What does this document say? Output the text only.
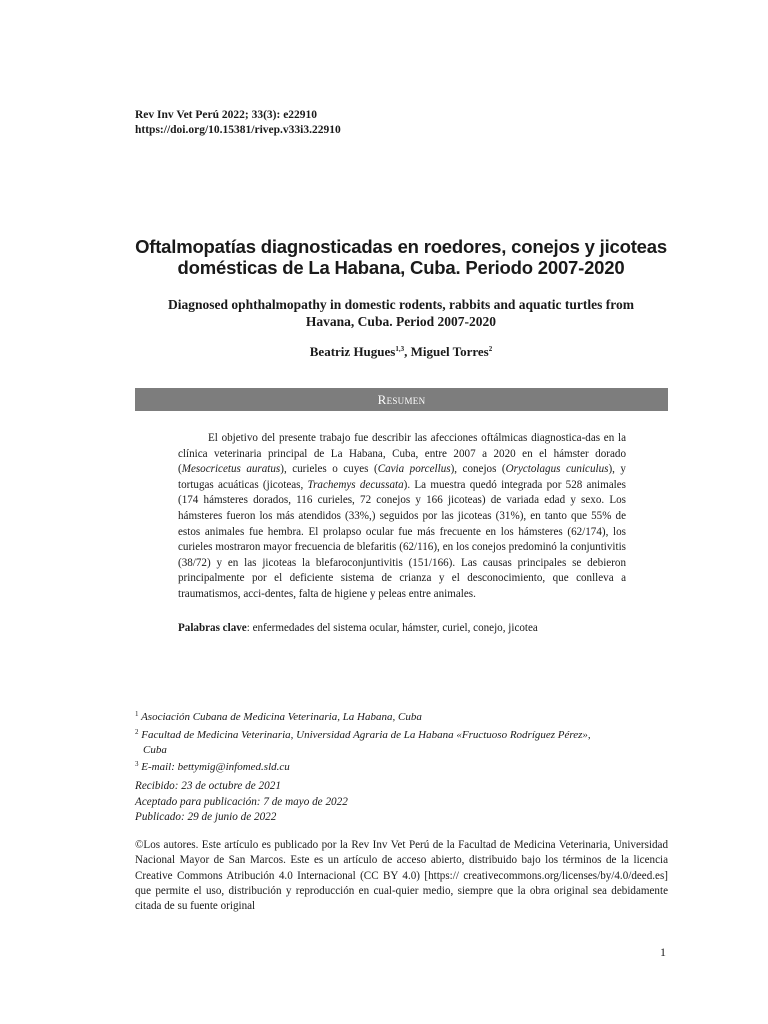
Rev Inv Vet Perú 2022; 33(3): e22910
https://doi.org/10.15381/rivep.v33i3.22910
Oftalmopatías diagnosticadas en roedores, conejos y jicoteas
domésticas de La Habana, Cuba. Periodo 2007-2020
Diagnosed ophthalmopathy in domestic rodents, rabbits and aquatic turtles from
Havana, Cuba. Period 2007-2020
Beatriz Hugues$^{1,3}$, Miguel Torres$^2$
Resumen

El objetivo del presente trabajo fue describir las afecciones oftálmicas diagnostica-das en la clínica veterinaria principal de La Habana, Cuba, entre 2007 a 2020 en el hámster dorado (Mesocricetus auratus), curieles o cuyes (Cavia porcellus), conejos (Oryctolagus cuniculus), y tortugas acuáticas (jicoteas, Trachemys decussata). La muestra quedó integrada por 528 animales (174 hámsteres dorados, 116 curieles, 72 conejos y 166 jicoteas) de variada edad y sexo. Los hámsteres fueron los más atendidos (33%,) seguidos por las jicoteas (31%), en tanto que 55% de estos animales fue hembra. El prolapso ocular fue más frecuente en los hámsteres (62/174), los curieles mostraron mayor frecuencia de blefaritis (62/116), en los conejos predominó la conjuntivitis (38/72) y en las jicoteas la blefaroconjuntivitis (151/166). Las causas principales se debieron principalmente por el deficiente sistema de crianza y el desconocimiento, que conlleva a traumatismos, acci-dentes, falta de higiene y peleas entre animales.

Palabras clave: enfermedades del sistema ocular, hámster, curiel, conejo, jicotea
$^1$ Asociación Cubana de Medicina Veterinaria, La Habana, Cuba
$^2$ Facultad de Medicina Veterinaria, Universidad Agraria de La Habana «Fructuoso Rodríguez Pérez»,
Cuba
$^3$ E-mail: bettymig@infomed.sld.cu
Recibido: 23 de octubre de 2021
Aceptado para publicación: 7 de mayo de 2022
Publicado: 29 de junio de 2022
©Los autores. Este artículo es publicado por la Rev Inv Vet Perú de la Facultad de Medicina Veterinaria, Universidad Nacional Mayor de San Marcos. Este es un artículo de acceso abierto, distribuido bajo los términos de la licencia Creative Commons Atribución 4.0 Internacional (CC BY 4.0) [https:// creativecommons.org/licenses/by/4.0/deed.es] que permite el uso, distribución y reproducción en cual-quier medio, siempre que la obra original sea debidamente citada de su fuente original
1
